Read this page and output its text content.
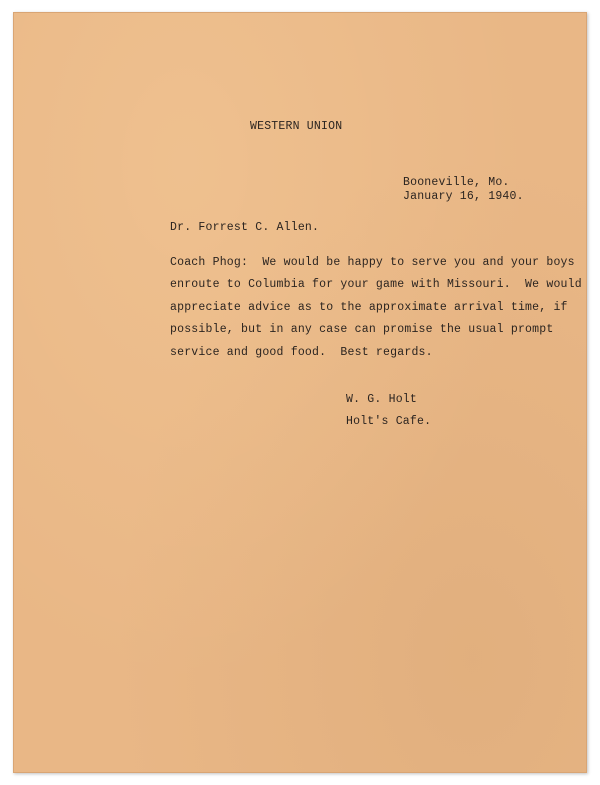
WESTERN UNION
Booneville, Mo.
January 16, 1940.
Dr. Forrest C. Allen.
Coach Phog:  We would be happy to serve you and your boys
enroute to Columbia for your game with Missouri.  We would
appreciate advice as to the approximate arrival time, if
possible, but in any case can promise the usual prompt
service and good food.  Best regards.
W. G. Holt
Holt's Cafe.
